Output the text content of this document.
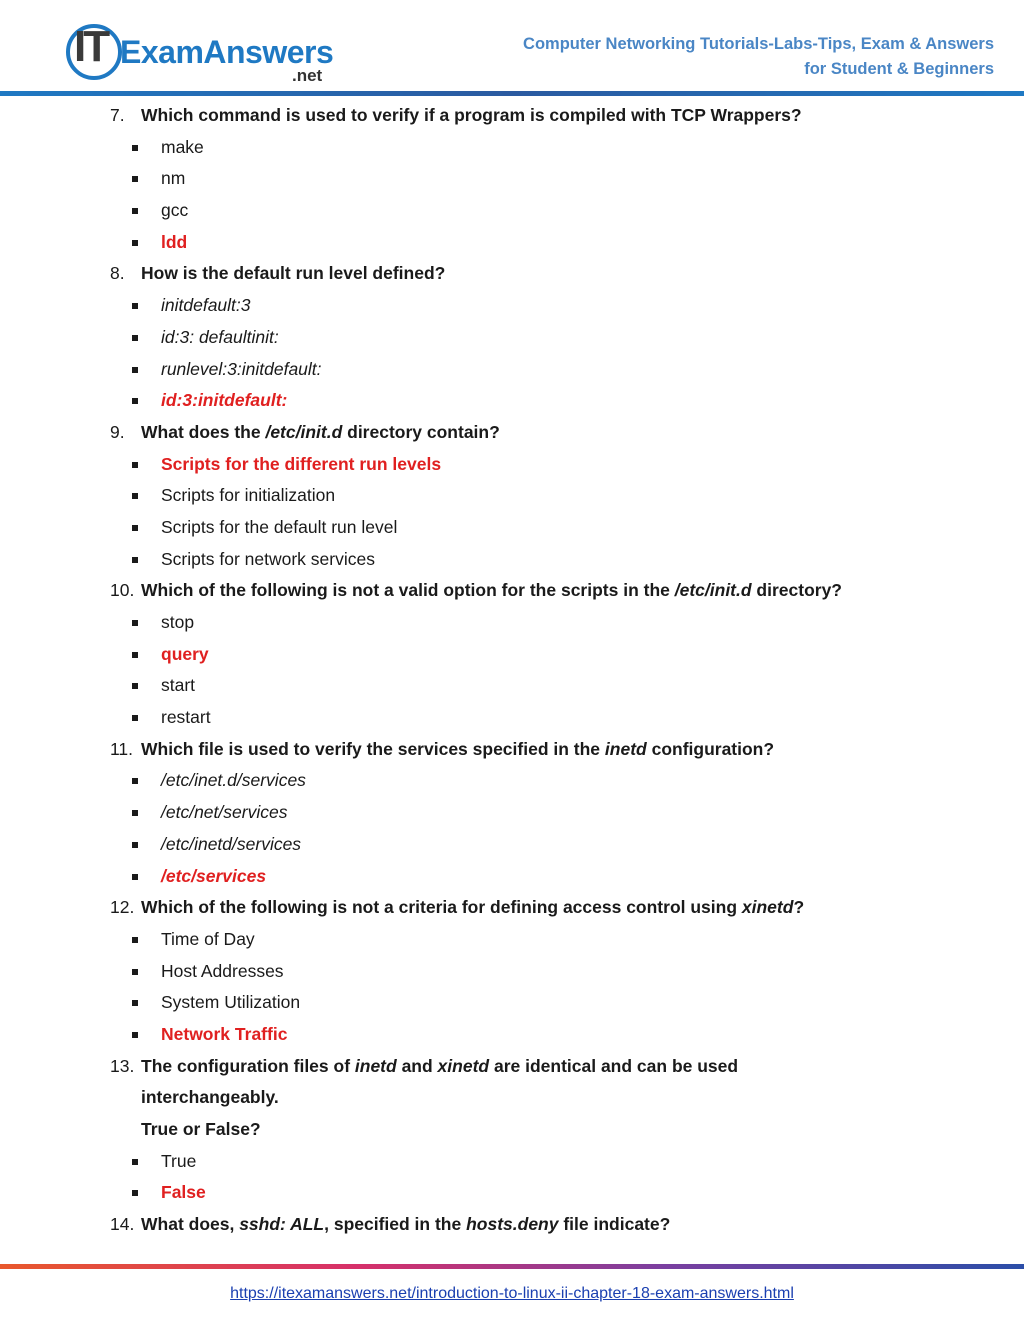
IT ExamAnswers
.net
Computer Networking Tutorials-Labs-Tips, Exam & Answers
for Student & Beginners
7. Which command is used to verify if a program is compiled with TCP Wrappers?
make
nm
gcc
ldd
8. How is the default run level defined?
initdefault:3
id:3: defaultinit:
runlevel:3:initdefault:
id:3:initdefault:
9. What does the /etc/init.d directory contain?
Scripts for the different run levels
Scripts for initialization
Scripts for the default run level
Scripts for network services
10. Which of the following is not a valid option for the scripts in the /etc/init.d directory?
stop
query
start
restart
11. Which file is used to verify the services specified in the inetd configuration?
/etc/inet.d/services
/etc/net/services
/etc/inetd/services
/etc/services
12. Which of the following is not a criteria for defining access control using xinetd?
Time of Day
Host Addresses
System Utilization
Network Traffic
13. The configuration files of inetd and xinetd are identical and can be used
interchangeably.
True or False?
True
False
14. What does, sshd: ALL, specified in the hosts.deny file indicate?
https://itexamanswers.net/introduction-to-linux-ii-chapter-18-exam-answers.html
